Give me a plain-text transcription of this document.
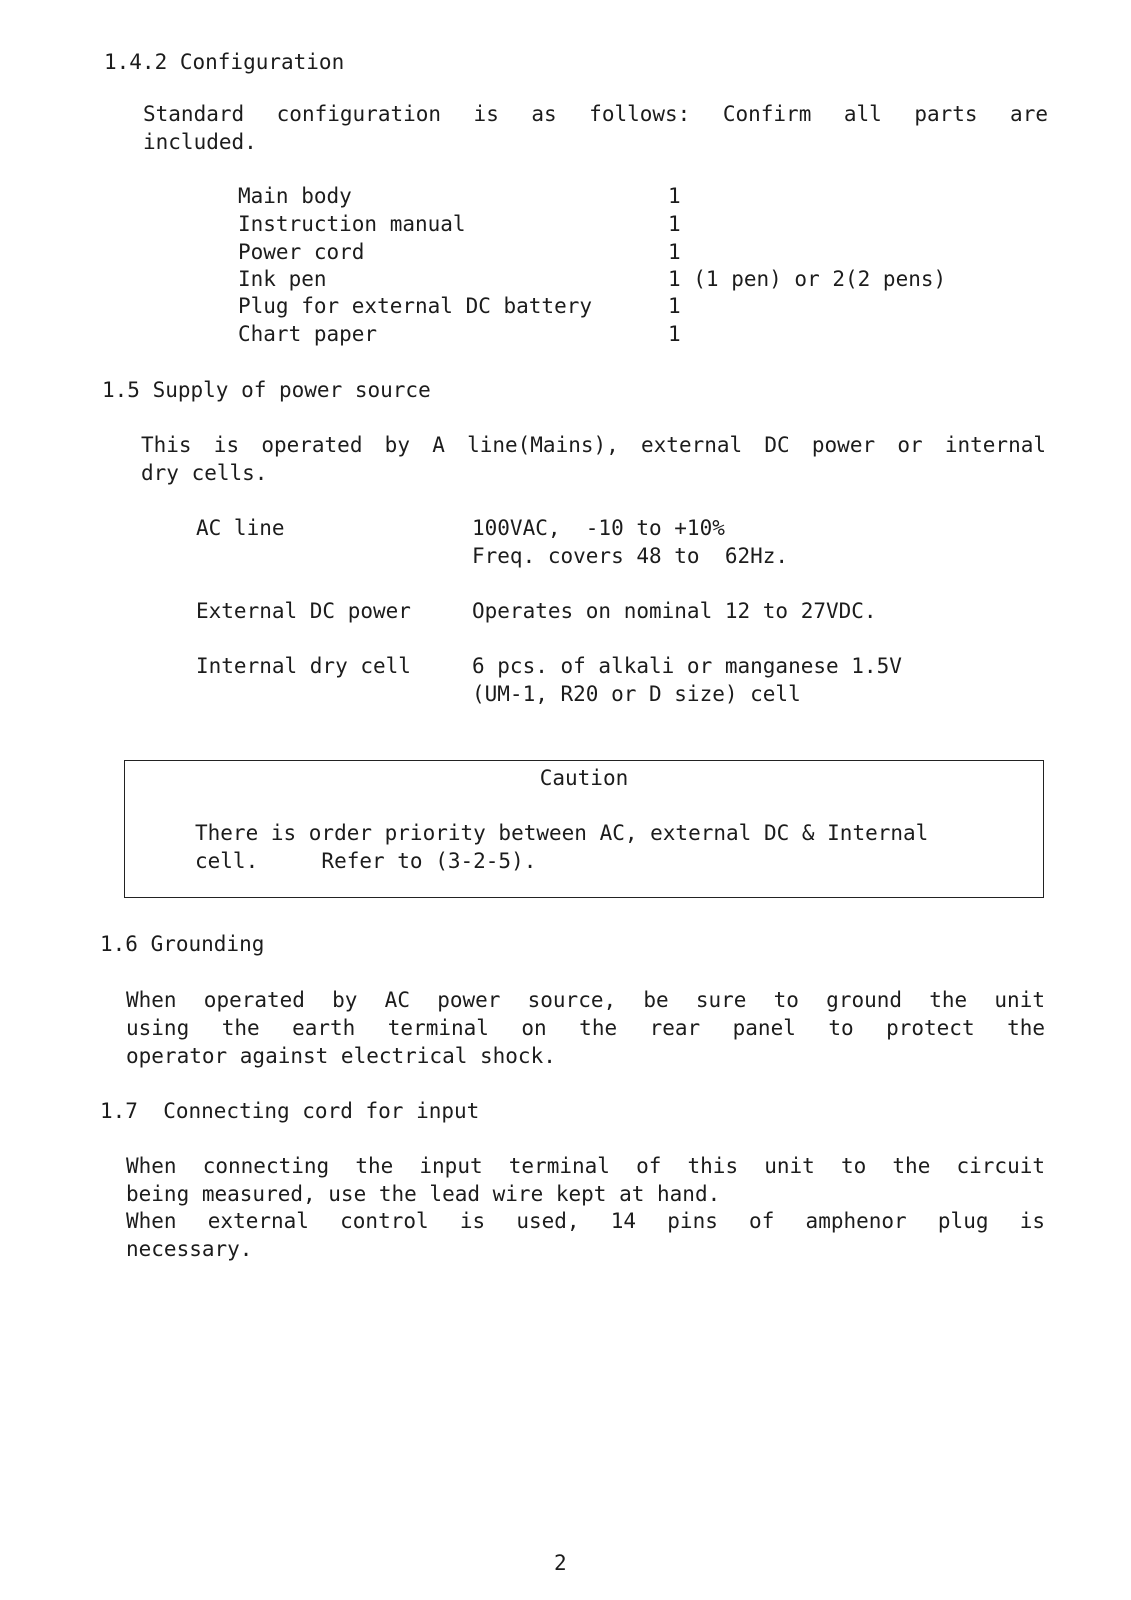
1.4.2 Configuration
Standard configuration is as follows: Confirm all parts are
included.
Main body	1
Instruction manual	1
Power cord	1
Ink pen	1 (1 pen) or 2(2 pens)
Plug for external DC battery	1
Chart paper	1
1.5 Supply of power source
This is operated by A line(Mains), external DC power or internal
dry cells.
AC line	100VAC,  -10 to +10%
Freq. covers 48 to  62Hz.
External DC power	Operates on nominal 12 to 27VDC.
Internal dry cell	6 pcs. of alkali or manganese 1.5V
(UM-1, R20 or D size) cell
Caution
There is order priority between AC, external DC & Internal
cell.     Refer to (3-2-5).
1.6 Grounding
When operated by AC power source, be sure to ground the unit
using the earth terminal on the rear panel to protect the
operator against electrical shock.
1.7  Connecting cord for input
When connecting the input terminal of this unit to the circuit
being measured, use the lead wire kept at hand.
When external control is used, 14 pins of amphenor plug is
necessary.
2
